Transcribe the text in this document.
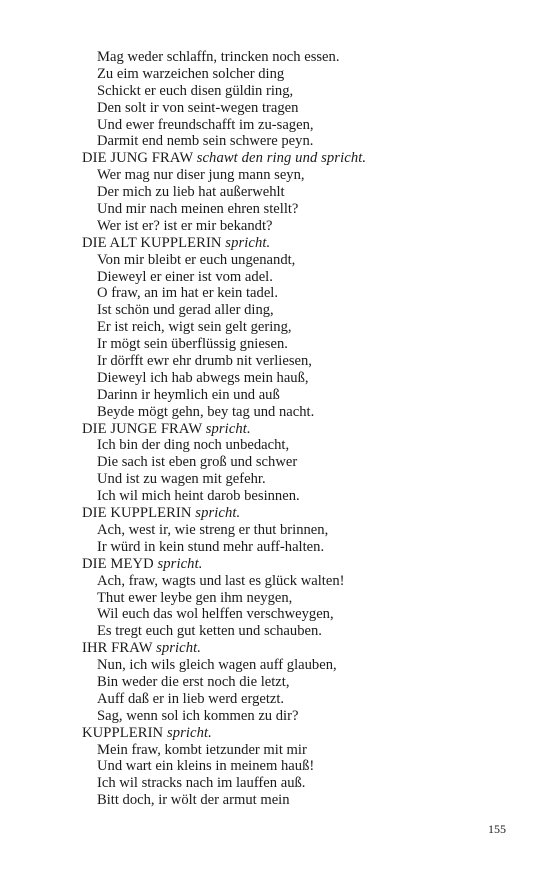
Mag weder schlaffn, trincken noch essen.
Zu eim warzeichen solcher ding
Schickt er euch disen güldin ring,
Den solt ir von seint-wegen tragen
Und ewer freundschafft im zu-sagen,
Darmit end nemb sein schwere peyn.
DIE JUNG FRAW schawt den ring und spricht.
Wer mag nur diser jung mann seyn,
Der mich zu lieb hat außerwehlt
Und mir nach meinen ehren stellt?
Wer ist er? ist er mir bekandt?
DIE ALT KUPPLERIN spricht.
Von mir bleibt er euch ungenandt,
Dieweyl er einer ist vom adel.
O fraw, an im hat er kein tadel.
Ist schön und gerad aller ding,
Er ist reich, wigt sein gelt gering,
Ir mögt sein überflüssig gniesen.
Ir dörfft ewr ehr drumb nit verliesen,
Dieweyl ich hab abwegs mein hauß,
Darinn ir heymlich ein und auß
Beyde mögt gehn, bey tag und nacht.
DIE JUNGE FRAW spricht.
Ich bin der ding noch unbedacht,
Die sach ist eben groß und schwer
Und ist zu wagen mit gefehr.
Ich wil mich heint darob besinnen.
DIE KUPPLERIN spricht.
Ach, west ir, wie streng er thut brinnen,
Ir würd in kein stund mehr auff-halten.
DIE MEYD spricht.
Ach, fraw, wagts und last es glück walten!
Thut ewer leybe gen ihm neygen,
Wil euch das wol helffen verschweygen,
Es tregt euch gut ketten und schauben.
IHR FRAW spricht.
Nun, ich wils gleich wagen auff glauben,
Bin weder die erst noch die letzt,
Auff daß er in lieb werd ergetzt.
Sag, wenn sol ich kommen zu dir?
KUPPLERIN spricht.
Mein fraw, kombt ietzunder mit mir
Und wart ein kleins in meinem hauß!
Ich wil stracks nach im lauffen auß.
Bitt doch, ir wölt der armut mein
155
